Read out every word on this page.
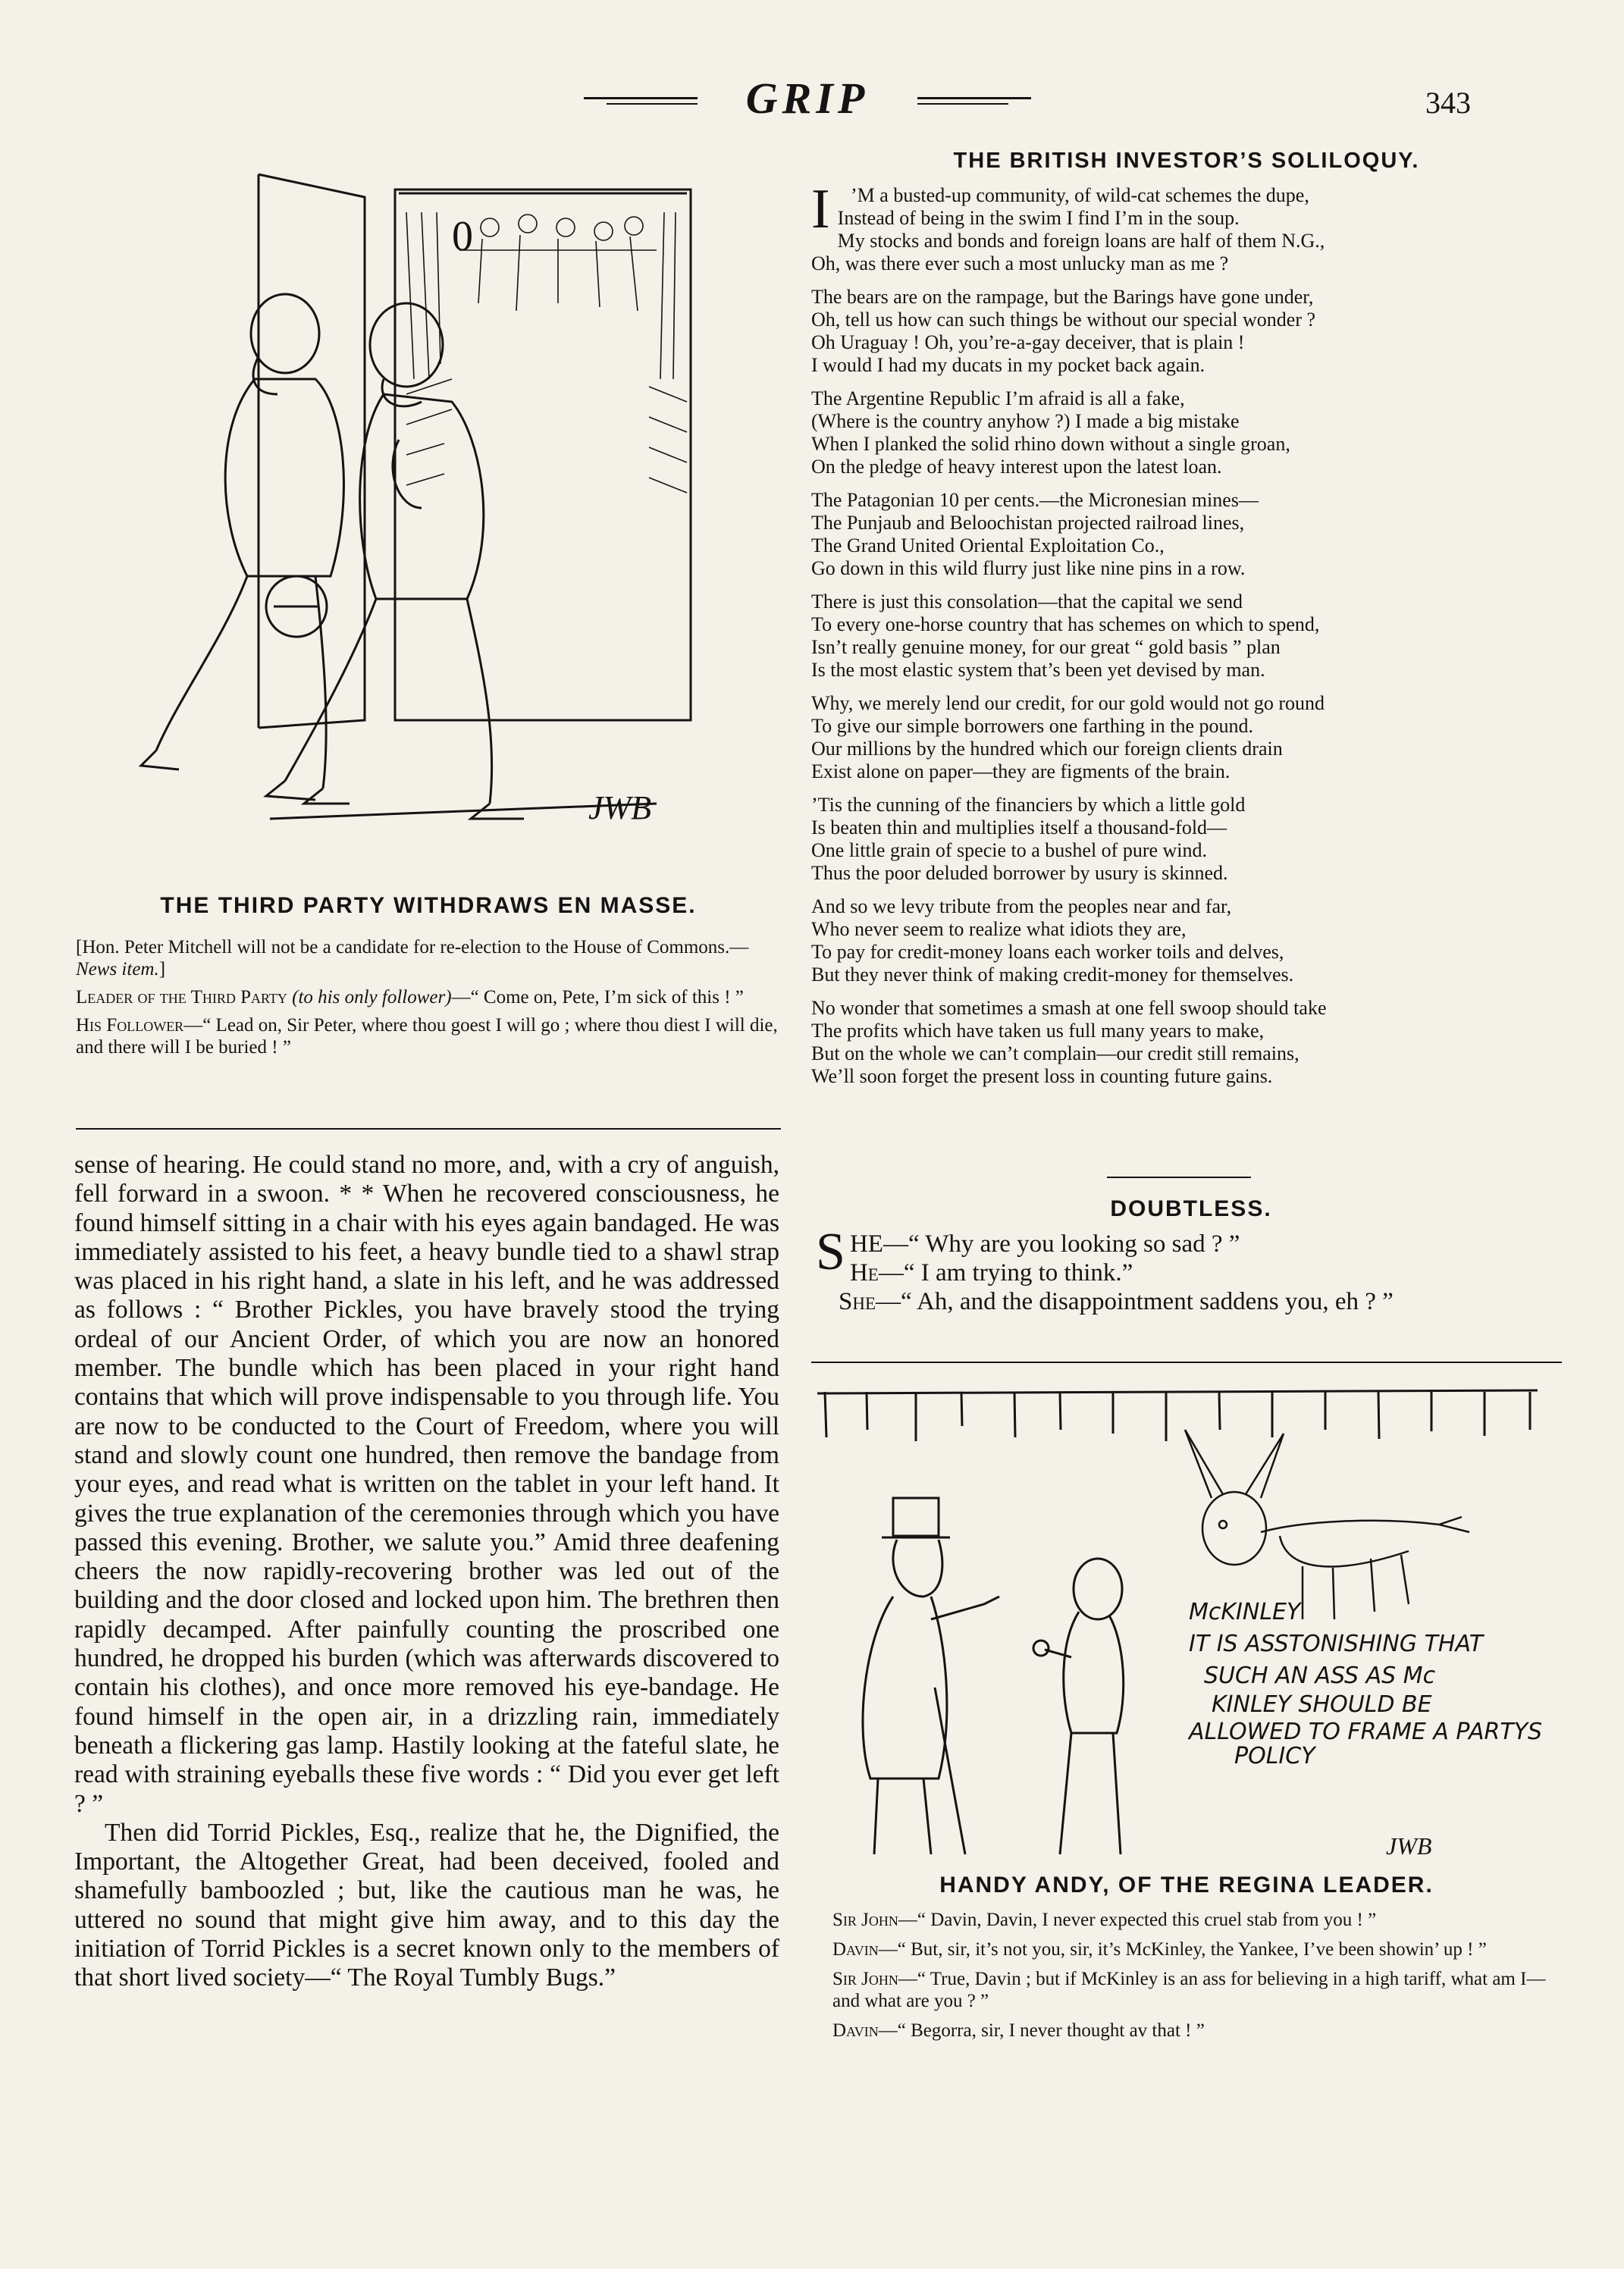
GRIP	343
0
JWB
THE THIRD PARTY WITHDRAWS EN MASSE.

[Hon. Peter Mitchell will not be a candidate for re-election to the House of Commons.—News item.]

Leader of the Third Party (to his only follower)—“ Come on, Pete, I’m sick of this ! ”

His Follower—“ Lead on, Sir Peter, where thou goest I will go ; where thou diest I will die, and there will I be buried ! ”

sense of hearing. He could stand no more, and, with a cry of anguish, fell forward in a swoon. * * When he recovered consciousness, he found himself sitting in a chair with his eyes again bandaged. He was immediately assisted to his feet, a heavy bundle tied to a shawl strap was placed in his right hand, a slate in his left, and he was addressed as follows : “ Brother Pickles, you have bravely stood the trying ordeal of our Ancient Order, of which you are now an honored member. The bundle which has been placed in your right hand contains that which will prove indispensable to you through life. You are now to be conducted to the Court of Freedom, where you will stand and slowly count one hundred, then remove the bandage from your eyes, and read what is written on the tablet in your left hand. It gives the true explanation of the ceremonies through which you have passed this evening. Brother, we salute you.” Amid three deafening cheers the now rapidly-recovering brother was led out of the building and the door closed and locked upon him. The brethren then rapidly decamped. After painfully counting the proscribed one hundred, he dropped his burden (which was afterwards discovered to contain his clothes), and once more removed his eye-bandage. He found himself in the open air, in a drizzling rain, immediately beneath a flickering gas lamp. Hastily looking at the fateful slate, he read with straining eyeballs these five words : “ Did you ever get left ? ”

Then did Torrid Pickles, Esq., realize that he, the Dignified, the Important, the Altogether Great, had been deceived, fooled and shamefully bamboozled ; but, like the cautious man he was, he uttered no sound that might give him away, and to this day the initiation of Torrid Pickles is a secret known only to the members of that short lived society—“ The Royal Tumbly Bugs.”

THE BRITISH INVESTOR’S SOLILOQUY.
I	’M a busted-up community, of wild-cat schemes the dupe,

Instead of being in the swim I find I’m in the soup.

My stocks and bonds and foreign loans are half of them N.G.,

Oh, was there ever such a most unlucky man as me ?

The bears are on the rampage, but the Barings have gone under,

Oh, tell us how can such things be without our special wonder ?

Oh Uraguay ! Oh, you’re-a-gay deceiver, that is plain !

I would I had my ducats in my pocket back again.

The Argentine Republic I’m afraid is all a fake,

(Where is the country anyhow ?) I made a big mistake

When I planked the solid rhino down without a single groan,

On the pledge of heavy interest upon the latest loan.

The Patagonian 10 per cents.—the Micronesian mines—

The Punjaub and Beloochistan projected railroad lines,

The Grand United Oriental Exploitation Co.,

Go down in this wild flurry just like nine pins in a row.

There is just this consolation—that the capital we send

To every one-horse country that has schemes on which to spend,

Isn’t really genuine money, for our great “ gold basis ” plan

Is the most elastic system that’s been yet devised by man.

Why, we merely lend our credit, for our gold would not go round

To give our simple borrowers one farthing in the pound.

Our millions by the hundred which our foreign clients drain

Exist alone on paper—they are figments of the brain.

’Tis the cunning of the financiers by which a little gold

Is beaten thin and multiplies itself a thousand-fold—

One little grain of specie to a bushel of pure wind.

Thus the poor deluded borrower by usury is skinned.

And so we levy tribute from the peoples near and far,

Who never seem to realize what idiots they are,

To pay for credit-money loans each worker toils and delves,

But they never think of making credit-money for themselves.

No wonder that sometimes a smash at one fell swoop should take

The profits which have taken us full many years to make,

But on the whole we can’t complain—our credit still remains,

We’ll soon forget the present loss in counting future gains.

DOUBTLESS.

SHE—“ Why are you looking so sad ? ”

He—“ I am trying to think.”

She—“ Ah, and the disappointment saddens you, eh ? ”

McKINLEY
IT IS ASSTONISHING THAT
SUCH AN ASS AS Mc
KINLEY SHOULD BE
ALLOWED TO FRAME A PARTYS
POLICY
JWB
HANDY ANDY, OF THE REGINA LEADER.

Sir John—“ Davin, Davin, I never expected this cruel stab from you ! ”

Davin—“ But, sir, it’s not you, sir, it’s McKinley, the Yankee, I’ve been showin’ up ! ”

Sir John—“ True, Davin ; but if McKinley is an ass for believing in a high tariff, what am I—and what are you ? ”

Davin—“ Begorra, sir, I never thought av that ! ”
